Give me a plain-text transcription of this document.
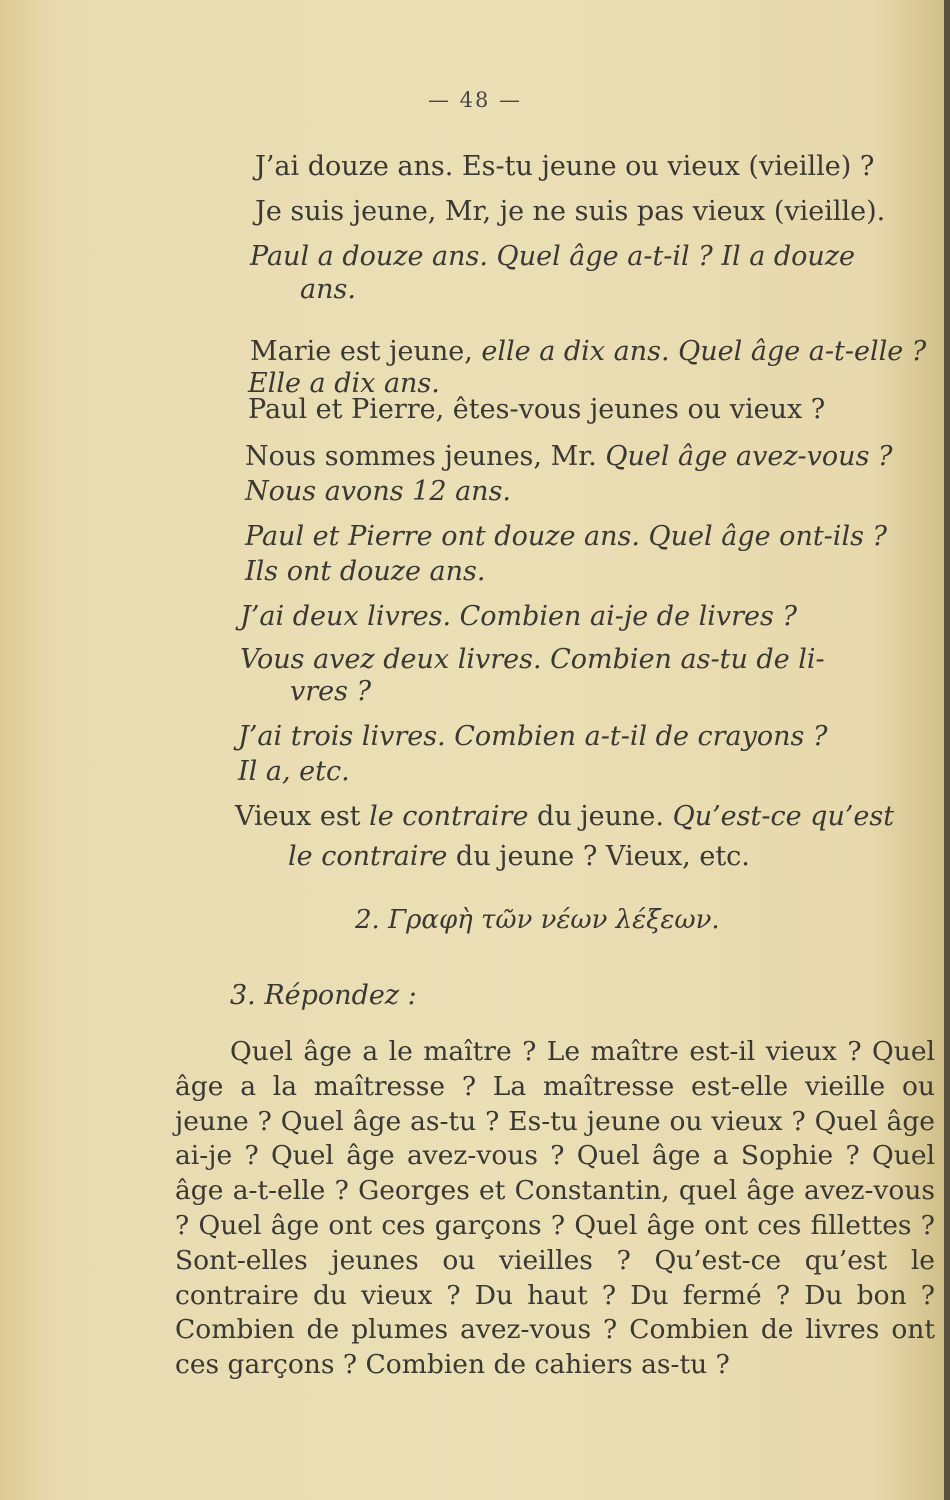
— 48 —
J’ai douze ans. Es-tu jeune ou vieux (vieille) ?
Je suis jeune, Mr, je ne suis pas vieux (vieille).
Paul a douze ans. Quel âge a-t-il ? Il a douze
ans.
Marie est jeune, elle a dix ans. Quel âge a-t-elle ?
Elle a dix ans.
Paul et Pierre, êtes-vous jeunes ou vieux ?
Nous sommes jeunes, Mr. Quel âge avez-vous ?
Nous avons 12 ans.
Paul et Pierre ont douze ans. Quel âge ont-ils ?
Ils ont douze ans.
J’ai deux livres. Combien ai-je de livres ?
Vous avez deux livres. Combien as-tu de li-
vres ?
J’ai trois livres. Combien a-t-il de crayons ?
Il a, etc.
Vieux est le contraire du jeune. Qu’est-ce qu’est
le contraire du jeune ? Vieux, etc.
2. Γραφὴ τῶν νέων λέξεων.
3. Répondez :
Quel âge a le maître ? Le maître est-il vieux ? Quel âge a la maîtresse ? La maîtresse est-elle vieille ou jeune ? Quel âge as-tu ? Es-tu jeune ou vieux ? Quel âge ai-je ? Quel âge avez-vous ? Quel âge a Sophie ? Quel âge a-t-elle ? Georges et Constantin, quel âge avez-vous ? Quel âge ont ces garçons ? Quel âge ont ces fillettes ? Sont-elles jeunes ou vieilles ? Qu’est-ce qu’est le contraire du vieux ? Du haut ? Du fermé ? Du bon ? Combien de plumes avez-vous ? Combien de livres ont ces garçons ? Combien de cahiers as-tu ?
